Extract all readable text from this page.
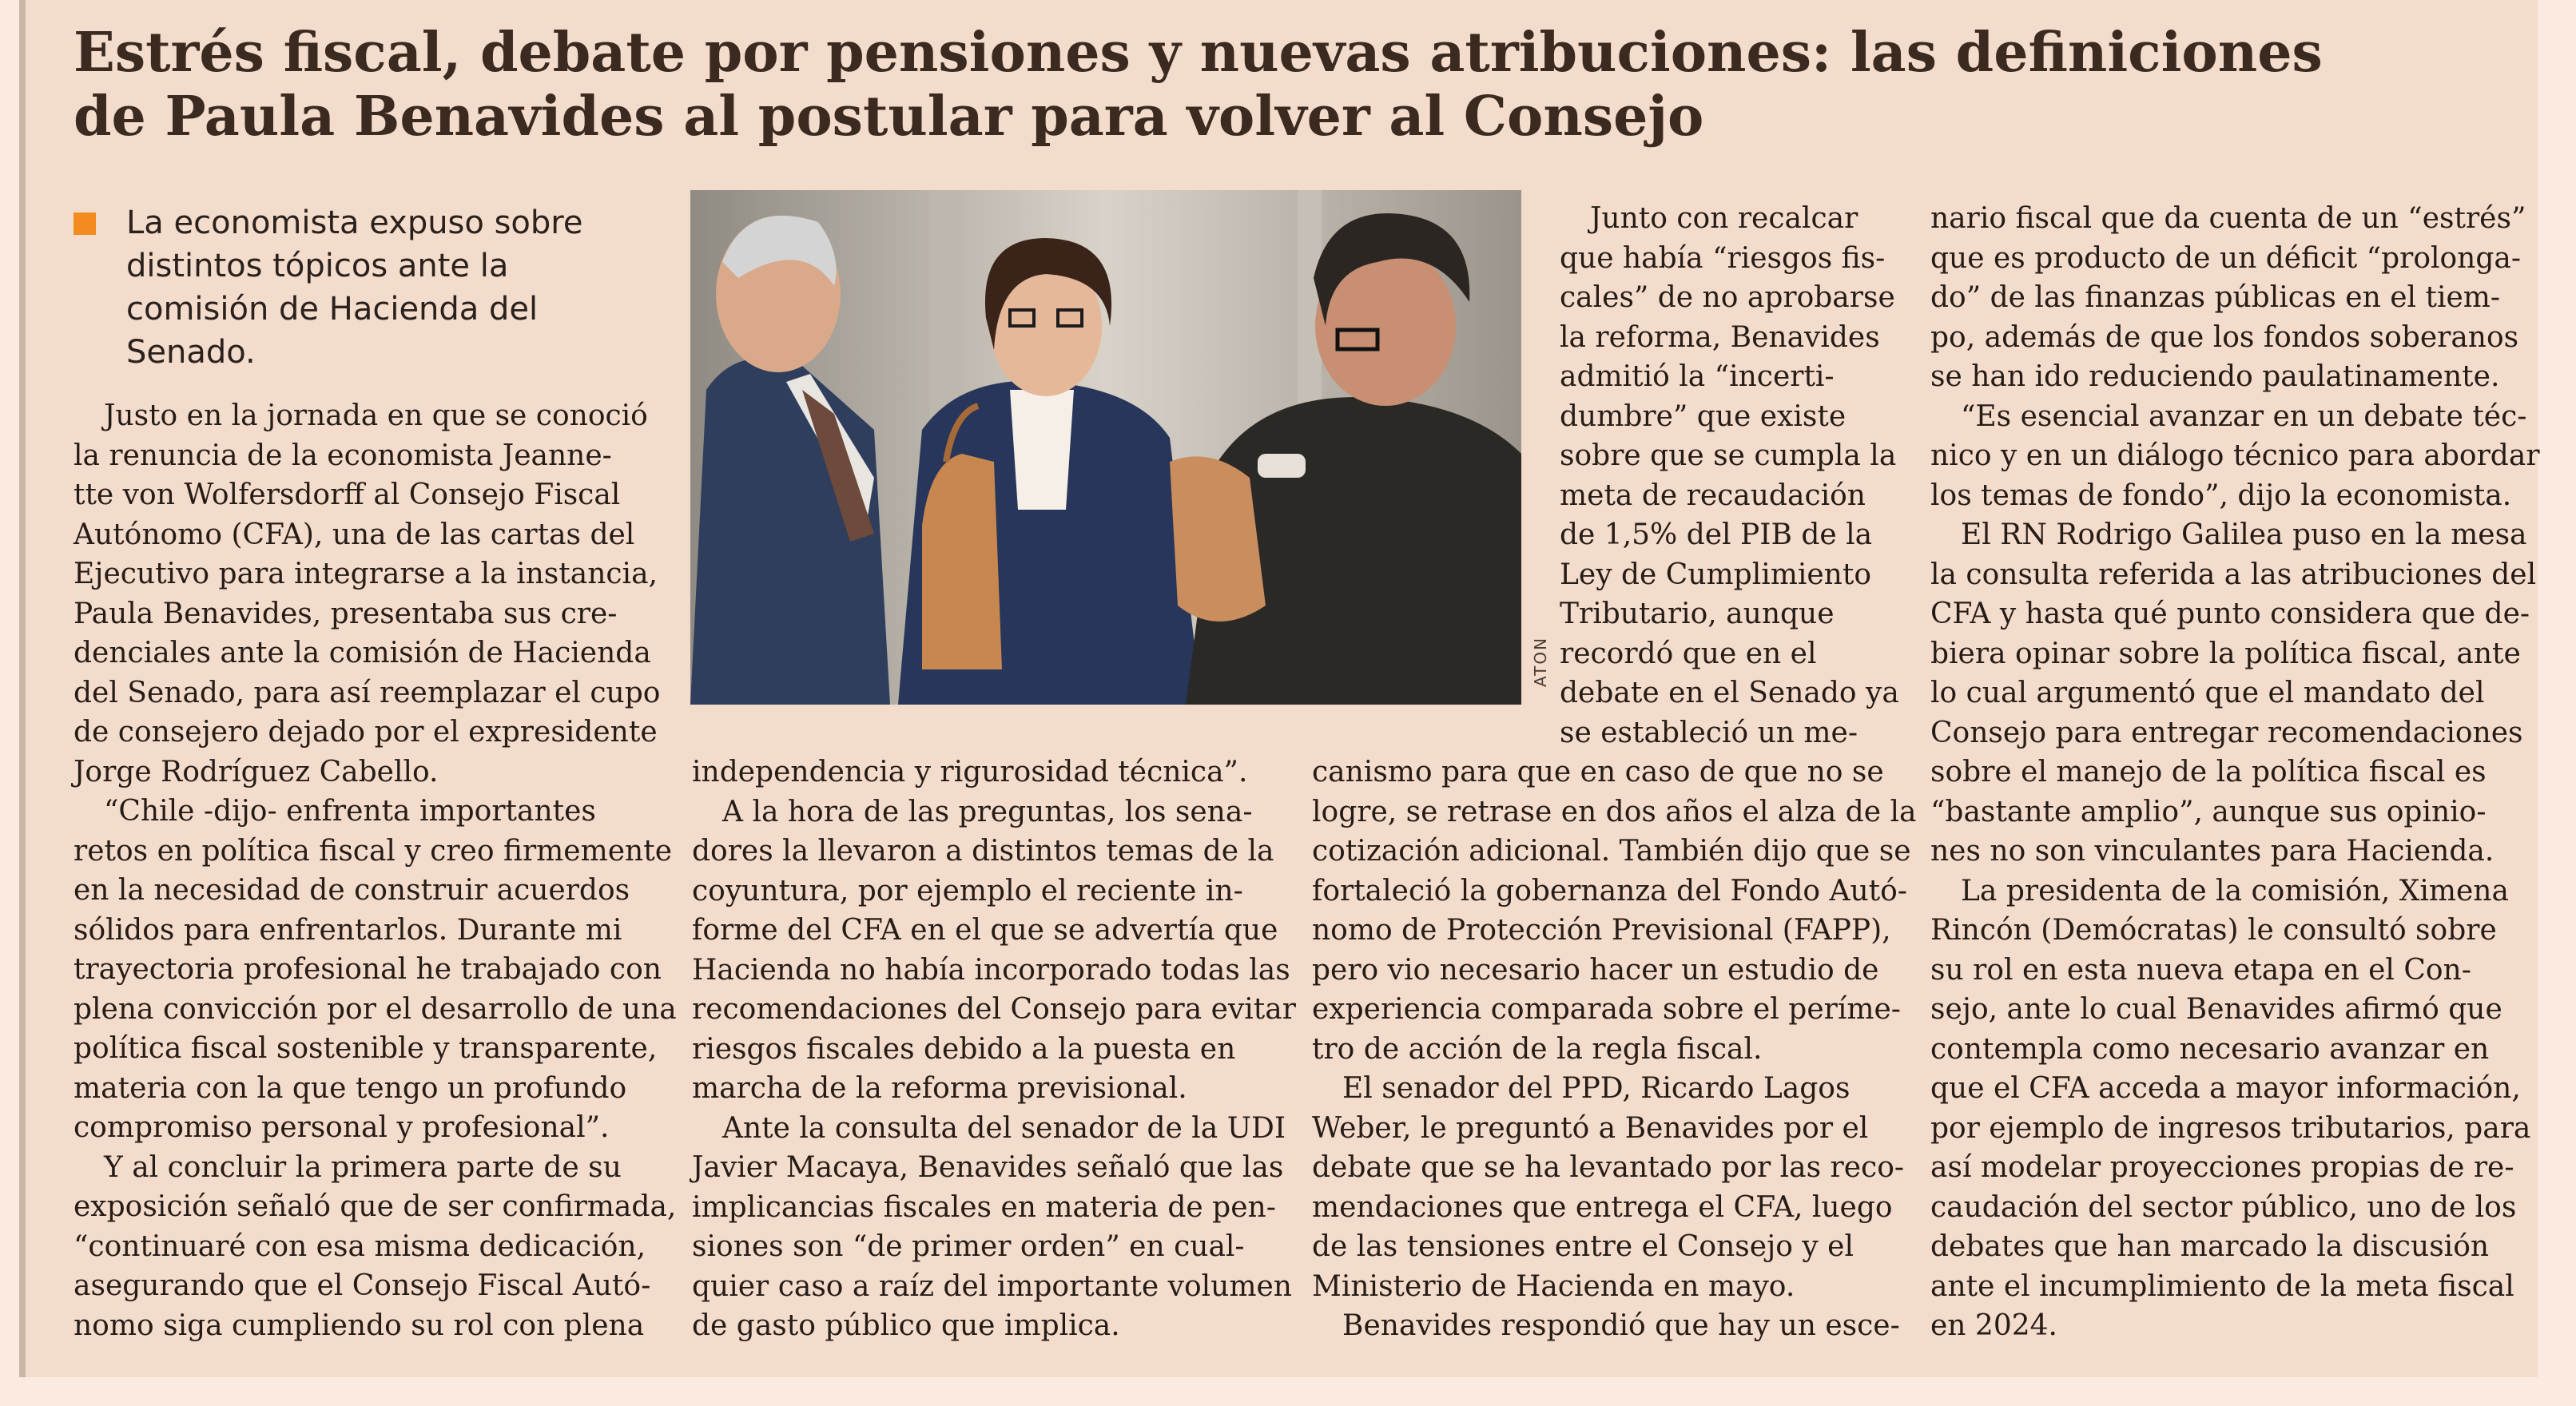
Estrés fiscal, debate por pensiones y nuevas atribuciones: las definiciones
de Paula Benavides al postular para volver al Consejo
La economista expuso sobre
distintos tópicos ante la
comisión de Hacienda del
Senado.
ATON

Justo en la jornada en que se conoció
la renuncia de la economista Jeanne-
tte von Wolfersdorff al Consejo Fiscal
Autónomo (CFA), una de las cartas del
Ejecutivo para integrarse a la instancia,
Paula Benavides, presentaba sus cre-
denciales ante la comisión de Hacienda
del Senado, para así reemplazar el cupo
de consejero dejado por el expresidente
Jorge Rodríguez Cabello.

“Chile -dijo- enfrenta importantes
retos en política fiscal y creo firmemente
en la necesidad de construir acuerdos
sólidos para enfrentarlos. Durante mi
trayectoria profesional he trabajado con
plena convicción por el desarrollo de una
política fiscal sostenible y transparente,
materia con la que tengo un profundo
compromiso personal y profesional”.

Y al concluir la primera parte de su
exposición señaló que de ser confirmada,
“continuaré con esa misma dedicación,
asegurando que el Consejo Fiscal Autó-
nomo siga cumpliendo su rol con plena

independencia y rigurosidad técnica”.

A la hora de las preguntas, los sena-
dores la llevaron a distintos temas de la
coyuntura, por ejemplo el reciente in-
forme del CFA en el que se advertía que
Hacienda no había incorporado todas las
recomendaciones del Consejo para evitar
riesgos fiscales debido a la puesta en
marcha de la reforma previsional.

Ante la consulta del senador de la UDI
Javier Macaya, Benavides señaló que las
implicancias fiscales en materia de pen-
siones son “de primer orden” en cual-
quier caso a raíz del importante volumen
de gasto público que implica.

Junto con recalcar
que había “riesgos fis-
cales” de no aprobarse
la reforma, Benavides
admitió la “incerti-
dumbre” que existe
sobre que se cumpla la
meta de recaudación
de 1,5% del PIB de la
Ley de Cumplimiento
Tributario, aunque
recordó que en el
debate en el Senado ya
se estableció un me-

canismo para que en caso de que no se
logre, se retrase en dos años el alza de la
cotización adicional. También dijo que se
fortaleció la gobernanza del Fondo Autó-
nomo de Protección Previsional (FAPP),
pero vio necesario hacer un estudio de
experiencia comparada sobre el períme-
tro de acción de la regla fiscal.

El senador del PPD, Ricardo Lagos
Weber, le preguntó a Benavides por el
debate que se ha levantado por las reco-
mendaciones que entrega el CFA, luego
de las tensiones entre el Consejo y el
Ministerio de Hacienda en mayo.

Benavides respondió que hay un esce-

nario fiscal que da cuenta de un “estrés”
que es producto de un déficit “prolonga-
do” de las finanzas públicas en el tiem-
po, además de que los fondos soberanos
se han ido reduciendo paulatinamente.

“Es esencial avanzar en un debate téc-
nico y en un diálogo técnico para abordar
los temas de fondo”, dijo la economista.

El RN Rodrigo Galilea puso en la mesa
la consulta referida a las atribuciones del
CFA y hasta qué punto considera que de-
biera opinar sobre la política fiscal, ante
lo cual argumentó que el mandato del
Consejo para entregar recomendaciones
sobre el manejo de la política fiscal es
“bastante amplio”, aunque sus opinio-
nes no son vinculantes para Hacienda.

La presidenta de la comisión, Ximena
Rincón (Demócratas) le consultó sobre
su rol en esta nueva etapa en el Con-
sejo, ante lo cual Benavides afirmó que
contempla como necesario avanzar en
que el CFA acceda a mayor información,
por ejemplo de ingresos tributarios, para
así modelar proyecciones propias de re-
caudación del sector público, uno de los
debates que han marcado la discusión
ante el incumplimiento de la meta fiscal
en 2024.
